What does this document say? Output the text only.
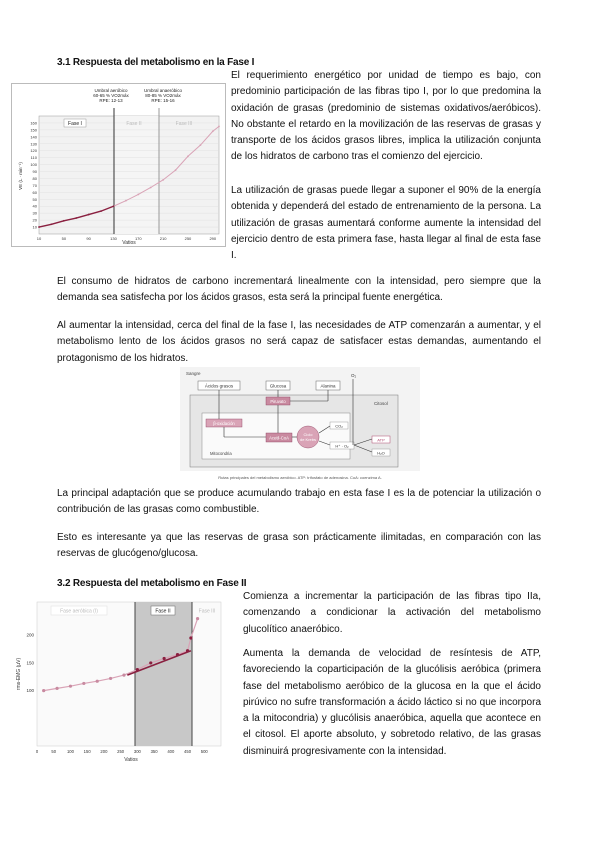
3.1 Respuesta del metabolismo en la Fase I
Umbral aeróbico
60-65 % VO2máx
RPE: 12-13
Umbral anaeróbico
80-85 % VO2máx
RPE: 15-16
Fase I	Fase II	Fase III
160
150
140
130
120
110
100
90
80
70
60
50
40
30
20
10
10	50	90	130	170	210	250	290
VE (L · min⁻¹)
Vatios

El requerimiento energético por unidad de tiempo es bajo, con predominio participación de las fibras tipo I, por lo que predomina la oxidación de grasas (predominio de sistemas oxidativos/aeróbicos). No obstante el retardo en la movilización de las reservas de grasas y transporte de los ácidos grasos libres, implica la utilización conjunta de los hidratos de carbono tras el comienzo del ejercicio.

La utilización de grasas puede llegar a suponer el 90% de la energía obtenida y dependerá del estado de entrenamiento de la persona. La utilización de grasas aumentará conforme aumente la intensidad del ejercicio dentro de esta primera fase, hasta llegar al final de esta fase I.

El consumo de hidratos de carbono incrementará linealmente con la intensidad, pero siempre que la demanda sea satisfecha por los ácidos grasos, esta será la principal fuente energética.

Al aumentar la intensidad, cerca del final de la fase I, las necesidades de ATP comenzarán a aumentar, y el metabolismo lento de los ácidos grasos no será capaz de satisfacer estas demandas, aumentando el protagonismo de los hidratos.

Sangre
Ácidos grasos	Glucosa	Alanina
O₂
Citosol
Piruvato
β-oxidación
Acetil-CoA
Ciclo
de Krebs
CO₂
H⁺ · O₂
ATP
H₂O
Mitocondria
Rutas principales del metabolismo aeróbico. ATP: trifosfato de adenosina. CoA: coenzima A.

La principal adaptación que se produce acumulando trabajo en esta fase I es la de potenciar la utilización o contribución de las grasas como combustible.

Esto es interesante ya que las reservas de grasa son prácticamente ilimitadas, en comparación con las reservas de glucógeno/glucosa.

3.2 Respuesta del metabolismo en Fase II
Fase aeróbica (I)	Fase II	Fase III
200
150
100
0	50	100 150 200 250 300 350 400 450 500
rms-EMG (µV)
Vatios

Comienza a incrementar la participación de las fibras tipo IIa, comenzando a condicionar la activación del metabolismo glucolítico anaeróbico.

Aumenta la demanda de velocidad de resíntesis de ATP, favoreciendo la coparticipación de la glucólisis aeróbica (primera fase del metabolismo aeróbico de la glucosa en la que el ácido pirúvico no sufre transformación a ácido láctico si no que incorpora a la mitocondria) y glucólisis anaeróbica, aquella que acontece en el citosol. El aporte absoluto, y sobretodo relativo, de las grasas disminuirá progresivamente con la intensidad.
